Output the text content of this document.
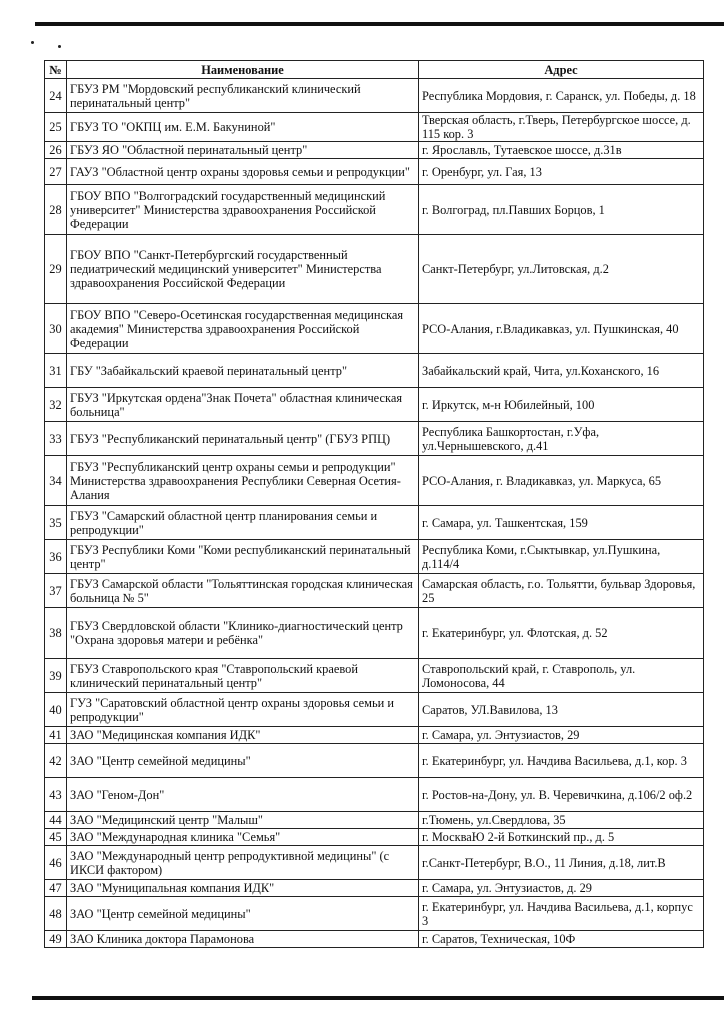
№	Наименование	Адрес
24	ГБУЗ РМ "Мордовский республиканский клинический перинатальный центр"	Республика Мордовия, г. Саранск, ул. Победы, д. 18
25	ГБУЗ ТО "ОКПЦ им. Е.М. Бакуниной"	Тверская область, г.Тверь, Петербургское шоссе, д. 115 кор. 3
26	ГБУЗ ЯО "Областной перинатальный центр"	г. Ярославль, Тутаевское шоссе, д.31в
27	ГАУЗ "Областной центр охраны здоровья семьи и репродукции"	г. Оренбург, ул. Гая, 13
28	ГБОУ ВПО "Волгоградский государственный медицинский университет" Министерства здравоохранения Российской Федерации	г. Волгоград, пл.Павших Борцов, 1
29	ГБОУ ВПО "Санкт-Петербургский государственный педиатрический медицинский университет" Министерства здравоохранения Российской Федерации	Санкт-Петербург, ул.Литовская, д.2
30	ГБОУ ВПО "Северо-Осетинская государственная медицинская академия" Министерства здравоохранения Российской Федерации	РСО-Алания, г.Владикавказ, ул. Пушкинская, 40
31	ГБУ "Забайкальский краевой перинатальный центр"	Забайкальский край, Чита, ул.Коханского, 16
32	ГБУЗ "Иркутская ордена"Знак Почета" областная клиническая больница"	г. Иркутск, м-н Юбилейный, 100
33	ГБУЗ "Республиканский перинатальный центр" (ГБУЗ РПЦ)	Республика Башкортостан, г.Уфа, ул.Чернышевского, д.41
34	ГБУЗ "Республиканский центр охраны семьи и репродукции" Министерства здравоохранения Республики Северная Осетия-Алания	РСО-Алания, г. Владикавказ, ул. Маркуса, 65
35	ГБУЗ "Самарский областной центр планирования семьи и репродукции"	г. Самара, ул. Ташкентская, 159
36	ГБУЗ Республики Коми "Коми республиканский перинатальный центр"	Республика Коми, г.Сыктывкар, ул.Пушкина, д.114/4
37	ГБУЗ Самарской области "Тольяттинская городская клиническая больница № 5"	Самарская область, г.о. Тольятти, бульвар Здоровья, 25
38	ГБУЗ Свердловской области "Клинико-диагностический центр "Охрана здоровья матери и ребёнка"	г. Екатеринбург, ул. Флотская, д. 52
39	ГБУЗ Ставропольского края "Ставропольский краевой клинический перинатальный центр"	Ставропольский край, г. Ставрополь, ул. Ломоносова, 44
40	ГУЗ "Саратовский областной центр охраны здоровья семьи и репродукции"	Саратов, УЛ.Вавилова, 13
41	ЗАО "Медицинская компания ИДК"	г. Самара, ул. Энтузиастов, 29
42	ЗАО "Центр семейной медицины"	г. Екатеринбург, ул. Начдива Васильева, д.1, кор. 3
43	ЗАО "Геном-Дон"	г. Ростов-на-Дону, ул. В. Черевичкина, д.106/2 оф.2
44	ЗАО "Медицинский центр "Малыш"	г.Тюмень, ул.Свердлова, 35
45	ЗАО "Международная клиника "Семья"	г. МоскваЮ 2-й Боткинский пр., д. 5
46	ЗАО "Международный центр репродуктивной медицины" (с ИКСИ фактором)	г.Санкт-Петербург, В.О., 11 Линия, д.18, лит.В
47	ЗАО "Муниципальная компания ИДК"	г. Самара, ул. Энтузиастов, д. 29
48	ЗАО "Центр семейной медицины"	г. Екатеринбург, ул. Начдива Васильева, д.1, корпус 3
49	ЗАО Клиника доктора Парамонова	г. Саратов, Техническая, 10Ф
